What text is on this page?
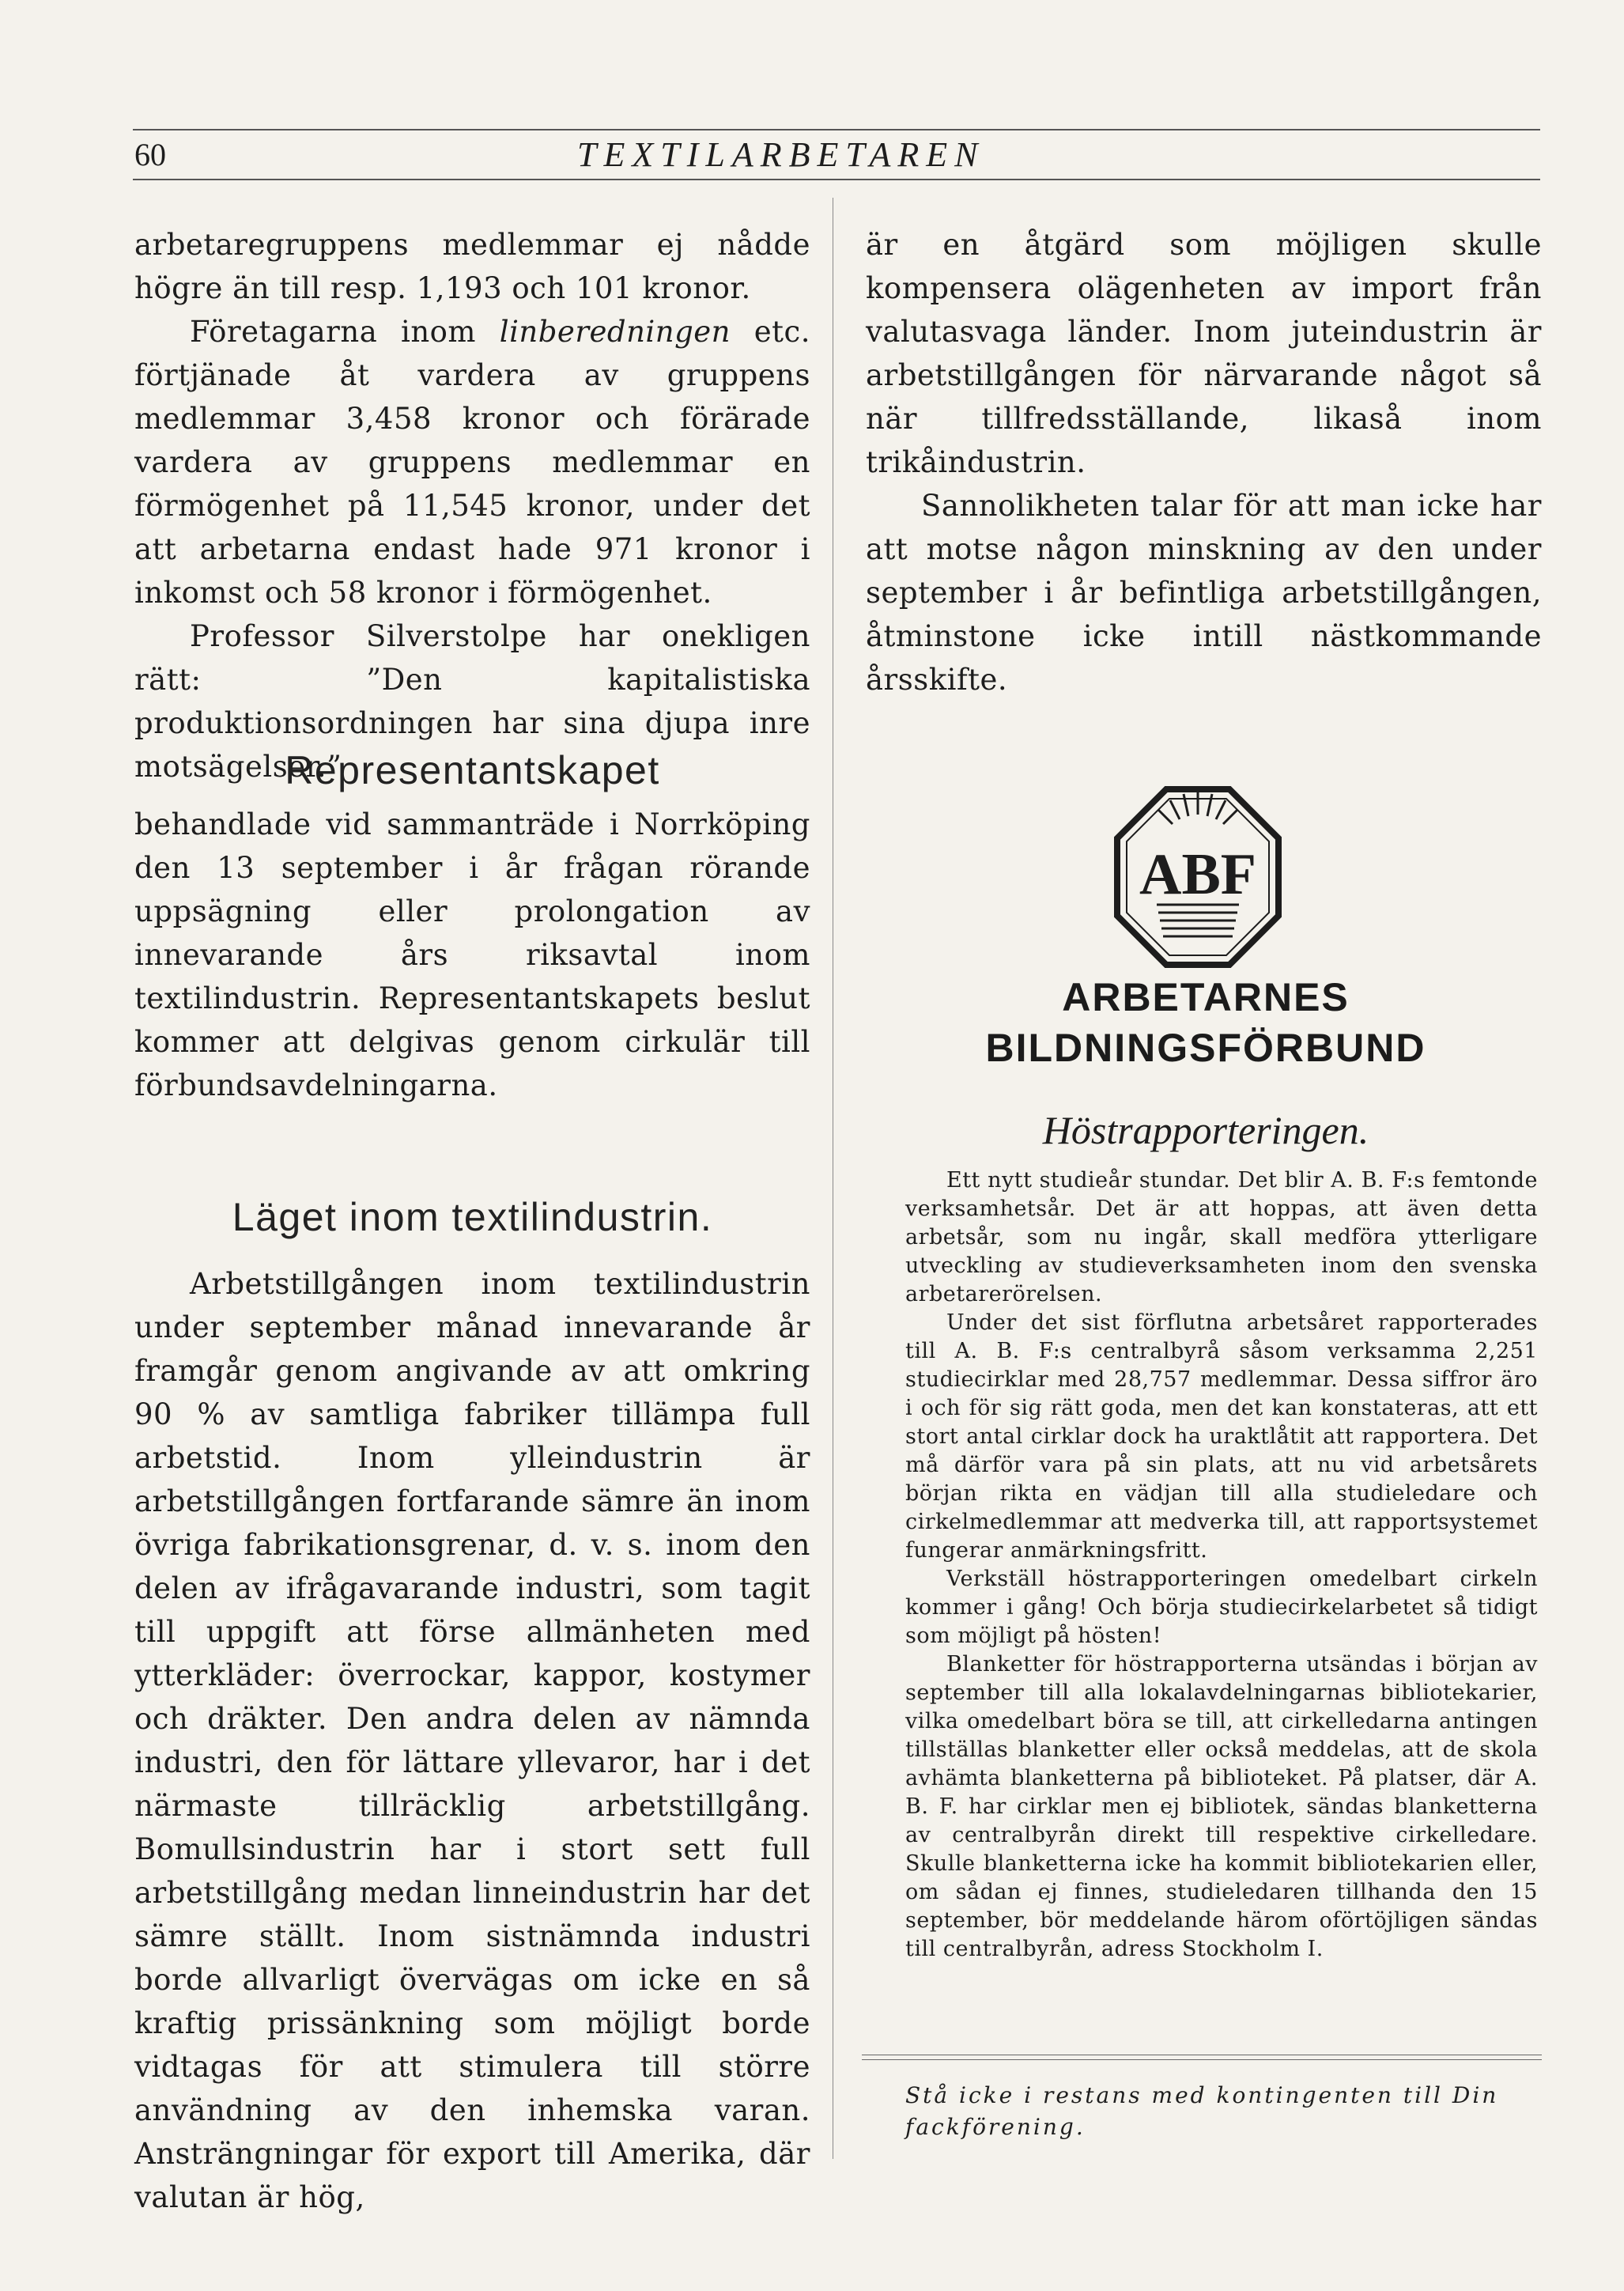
60	TEXTILARBETAREN

arbetaregruppens medlemmar ej nådde högre än till resp. 1,193 och 101 kronor.

Företagarna inom linberedningen etc. förtjänade åt vardera av gruppens medlemmar 3,458 kronor och förärade vardera av gruppens medlemmar en förmögenhet på 11,545 kronor, under det att arbetarna endast hade 971 kronor i inkomst och 58 kronor i förmögenhet.

Professor Silverstolpe har onekligen rätt: ”Den kapitalistiska produktionsordningen har sina djupa inre motsägelser.”

Representantskapet

behandlade vid sammanträde i Norrköping den 13 september i år frågan rörande uppsägning eller prolongation av innevarande års riksavtal inom textilindustrin. Representantskapets beslut kommer att delgivas genom cirkulär till förbundsavdelningarna.

Läget inom textilindustrin.

Arbetstillgången inom textilindustrin under september månad innevarande år framgår genom angivande av att omkring 90 % av samtliga fabriker tillämpa full arbetstid. Inom ylleindustrin är arbetstillgången fortfarande sämre än inom övriga fabrikationsgrenar, d. v. s. inom den delen av ifrågavarande industri, som tagit till uppgift att förse allmänheten med ytterkläder: överrockar, kappor, kostymer och dräkter. Den andra delen av nämnda industri, den för lättare yllevaror, har i det närmaste tillräcklig arbetstillgång. Bomullsindustrin har i stort sett full arbetstillgång medan linneindustrin har det sämre ställt. Inom sistnämnda industri borde allvarligt övervägas om icke en så kraftig prissänkning som möjligt borde vidtagas för att stimulera till större användning av den inhemska varan. Ansträngningar för export till Amerika, där valutan är hög,

är en åtgärd som möjligen skulle kompensera olägenheten av import från valutasvaga länder. Inom juteindustrin är arbetstillgången för närvarande något så när tillfredsställande, likaså inom trikåindustrin.

Sannolikheten talar för att man icke har att motse någon minskning av den under september i år befintliga arbetstillgången, åtminstone icke intill nästkommande årsskifte.

ABF
ARBETARNES
BILDNINGSFÖRBUND
Höstrapporteringen.

Ett nytt studieår stundar. Det blir A. B. F:s femtonde verksamhetsår. Det är att hoppas, att även detta arbetsår, som nu ingår, skall medföra ytterligare utveckling av studieverksamheten inom den svenska arbetarerörelsen.

Under det sist förflutna arbetsåret rapporterades till A. B. F:s centralbyrå såsom verksamma 2,251 studiecirklar med 28,757 medlemmar. Dessa siffror äro i och för sig rätt goda, men det kan konstateras, att ett stort antal cirklar dock ha uraktlåtit att rapportera. Det må därför vara på sin plats, att nu vid arbetsårets början rikta en vädjan till alla studieledare och cirkelmedlemmar att medverka till, att rapportsystemet fungerar anmärkningsfritt.

Verkställ höstrapporteringen omedelbart cirkeln kommer i gång! Och börja studiecirkelarbetet så tidigt som möjligt på hösten!

Blanketter för höstrapporterna utsändas i början av september till alla lokalavdelningarnas bibliotekarier, vilka omedelbart böra se till, att cirkelledarna antingen tillställas blanketter eller också meddelas, att de skola avhämta blanketterna på biblioteket. På platser, där A. B. F. har cirklar men ej bibliotek, sändas blanketterna av centralbyrån direkt till respektive cirkelledare. Skulle blanketterna icke ha kommit bibliotekarien eller, om sådan ej finnes, studieledaren tillhanda den 15 september, bör meddelande härom oförtöjligen sändas till centralbyrån, adress Stockholm I.

Stå icke i restans med kontingenten till Din fackförening.
